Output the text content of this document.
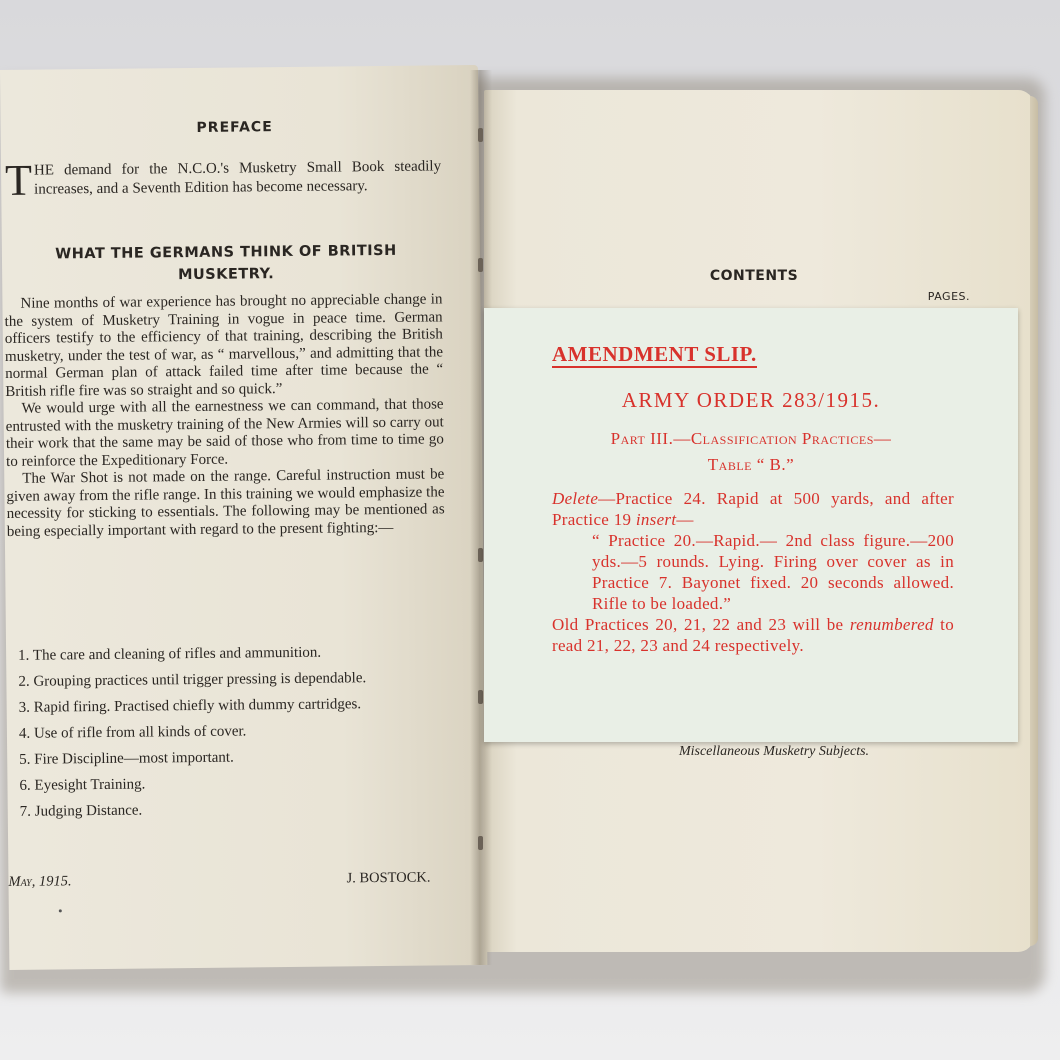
PREFACE
T HE demand for the N.C.O.'s Musketry Small Book steadily increases, and a Seventh Edition has become necessary.
WHAT THE GERMANS THINK OF BRITISH MUSKETRY.

Nine months of war experience has brought no appreciable change in the system of Musketry Training in vogue in peace time. German officers testify to the efficiency of that training, describing the British musketry, under the test of war, as “ marvellous,” and admitting that the normal German plan of attack failed time after time because the “ British rifle fire was so straight and so quick.”

We would urge with all the earnestness we can command, that those entrusted with the musketry training of the New Armies will so carry out their work that the same may be said of those who from time to time go to reinforce the Expeditionary Force.

The War Shot is not made on the range. Careful instruction must be given away from the rifle range. In this training we would emphasize the necessity for sticking to essentials. The following may be mentioned as being especially important with regard to the present fighting:—

1. The care and cleaning of rifles and ammunition.
2. Grouping practices until trigger pressing is dependable.
3. Rapid firing. Practised chiefly with dummy cartridges.
4. Use of rifle from all kinds of cover.
5. Fire Discipline—most important.
6. Eyesight Training.
7. Judging Distance.
May, 1915.	J. BOSTOCK.
CONTENTS
PAGES.
Miscellaneous Musketry Subjects.
AMENDMENT SLIP.
ARMY ORDER 283/1915.
Part III.—Classification Practices—
Table “ B.”

Delete—Practice 24. Rapid at 500 yards, and after Practice 19 insert—

“ Practice 20.—Rapid.— 2nd class figure.—200 yds.—5 rounds. Lying. Firing over cover as in Practice 7. Bayonet fixed. 20 seconds allowed. Rifle to be loaded.”

Old Practices 20, 21, 22 and 23 will be renumbered to read 21, 22, 23 and 24 respectively.
